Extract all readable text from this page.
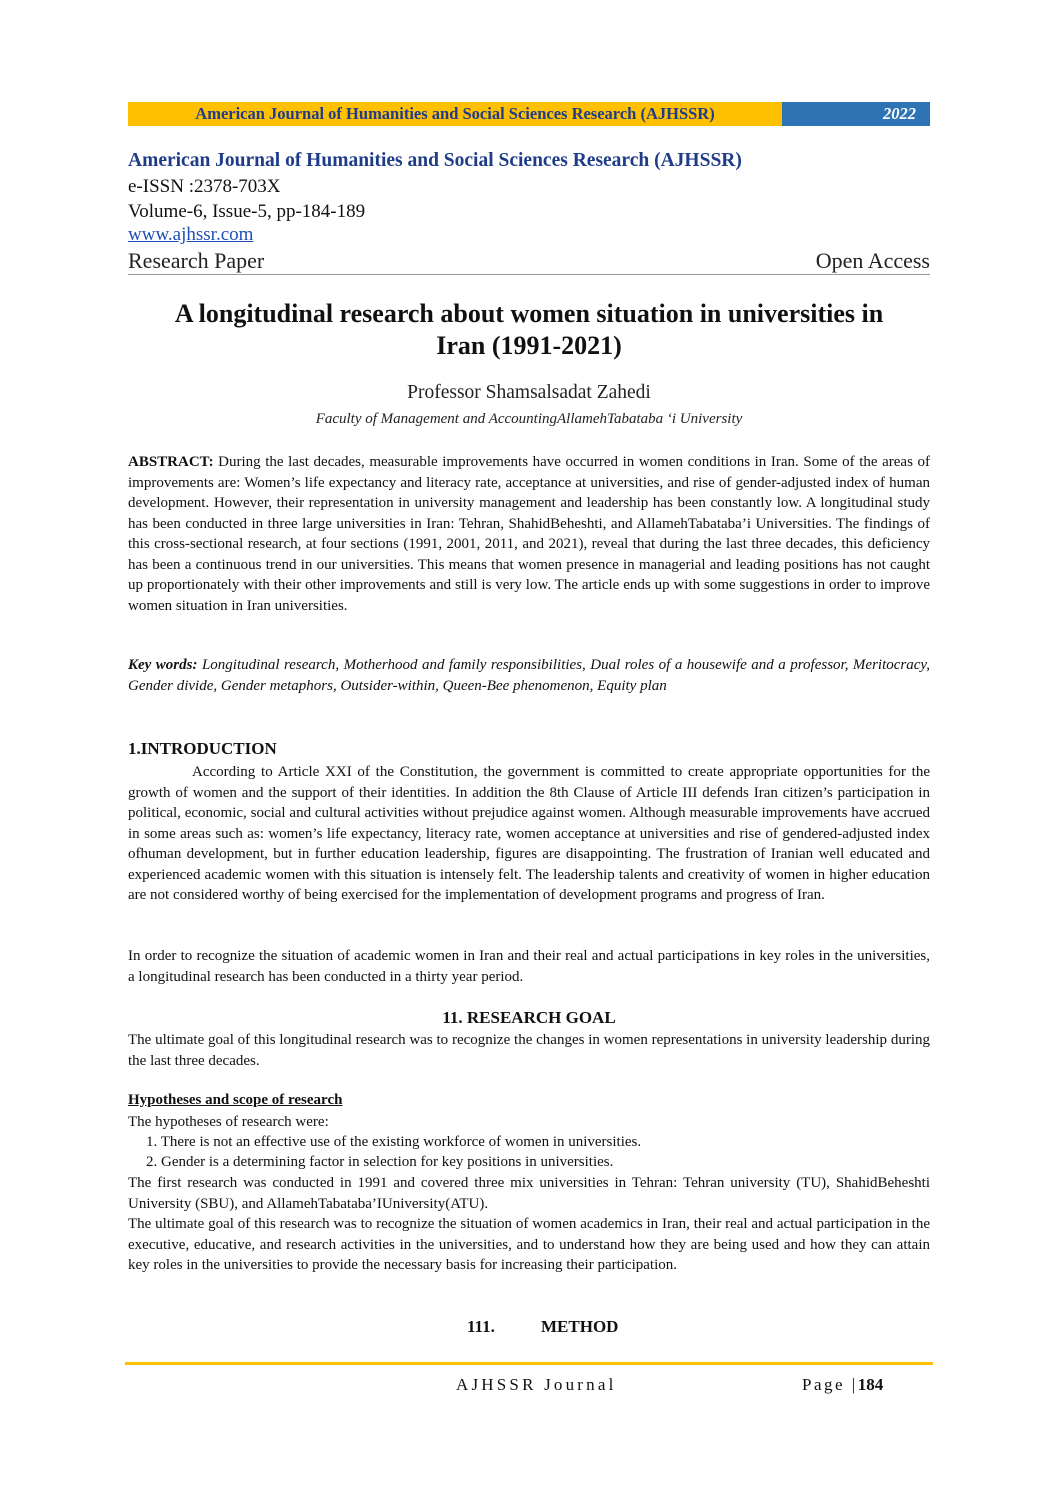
American Journal of Humanities and Social Sciences Research (AJHSSR)	2022
American Journal of Humanities and Social Sciences Research (AJHSSR)
e-ISSN :2378-703X
Volume-6, Issue-5, pp-184-189
www.ajhssr.com
Research Paper	Open Access
A longitudinal research about women situation in universities in
Iran (1991-2021)
Professor Shamsalsadat Zahedi
Faculty of Management and AccountingAllamehTabataba ‘i University
ABSTRACT: During the last decades, measurable improvements have occurred in women conditions in Iran. Some of the areas of improvements are: Women’s life expectancy and literacy rate, acceptance at universities, and rise of gender-adjusted index of human development. However, their representation in university management and leadership has been constantly low. A longitudinal study has been conducted in three large universities in Iran: Tehran, ShahidBeheshti, and AllamehTabataba’i Universities. The findings of this cross-sectional research, at four sections (1991, 2001, 2011, and 2021), reveal that during the last three decades, this deficiency has been a continuous trend in our universities. This means that women presence in managerial and leading positions has not caught up proportionately with their other improvements and still is very low. The article ends up with some suggestions in order to improve women situation in Iran universities.
Key words: Longitudinal research, Motherhood and family responsibilities, Dual roles of a housewife and a professor, Meritocracy, Gender divide, Gender metaphors, Outsider-within, Queen-Bee phenomenon, Equity plan
1.INTRODUCTION
According to Article XXI of the Constitution, the government is committed to create appropriate opportunities for the growth of women and the support of their identities. In addition the 8th Clause of Article III defends Iran citizen’s participation in political, economic, social and cultural activities without prejudice against women. Although measurable improvements have accrued in some areas such as: women’s life expectancy, literacy rate, women acceptance at universities and rise of gendered-adjusted index ofhuman development, but in further education leadership, figures are disappointing. The frustration of Iranian well educated and experienced academic women with this situation is intensely felt. The leadership talents and creativity of women in higher education are not considered worthy of being exercised for the implementation of development programs and progress of Iran.
In order to recognize the situation of academic women in Iran and their real and actual participations in key roles in the universities, a longitudinal research has been conducted in a thirty year period.
11. RESEARCH GOAL
The ultimate goal of this longitudinal research was to recognize the changes in women representations in university leadership during the last three decades.
Hypotheses and scope of research
The hypotheses of research were:
1. There is not an effective use of the existing workforce of women in universities.
2. Gender is a determining factor in selection for key positions in universities.
The first research was conducted in 1991 and covered three mix universities in Tehran: Tehran university (TU), ShahidBeheshti University (SBU), and AllamehTabataba’IUniversity(ATU).
The ultimate goal of this research was to recognize the situation of women academics in Iran, their real and actual participation in the executive, educative, and research activities in the universities, and to understand how they are being used and how they can attain key roles in the universities to provide the necessary basis for increasing their participation.
111.	METHOD
AJHSSR Journal	Page |184
